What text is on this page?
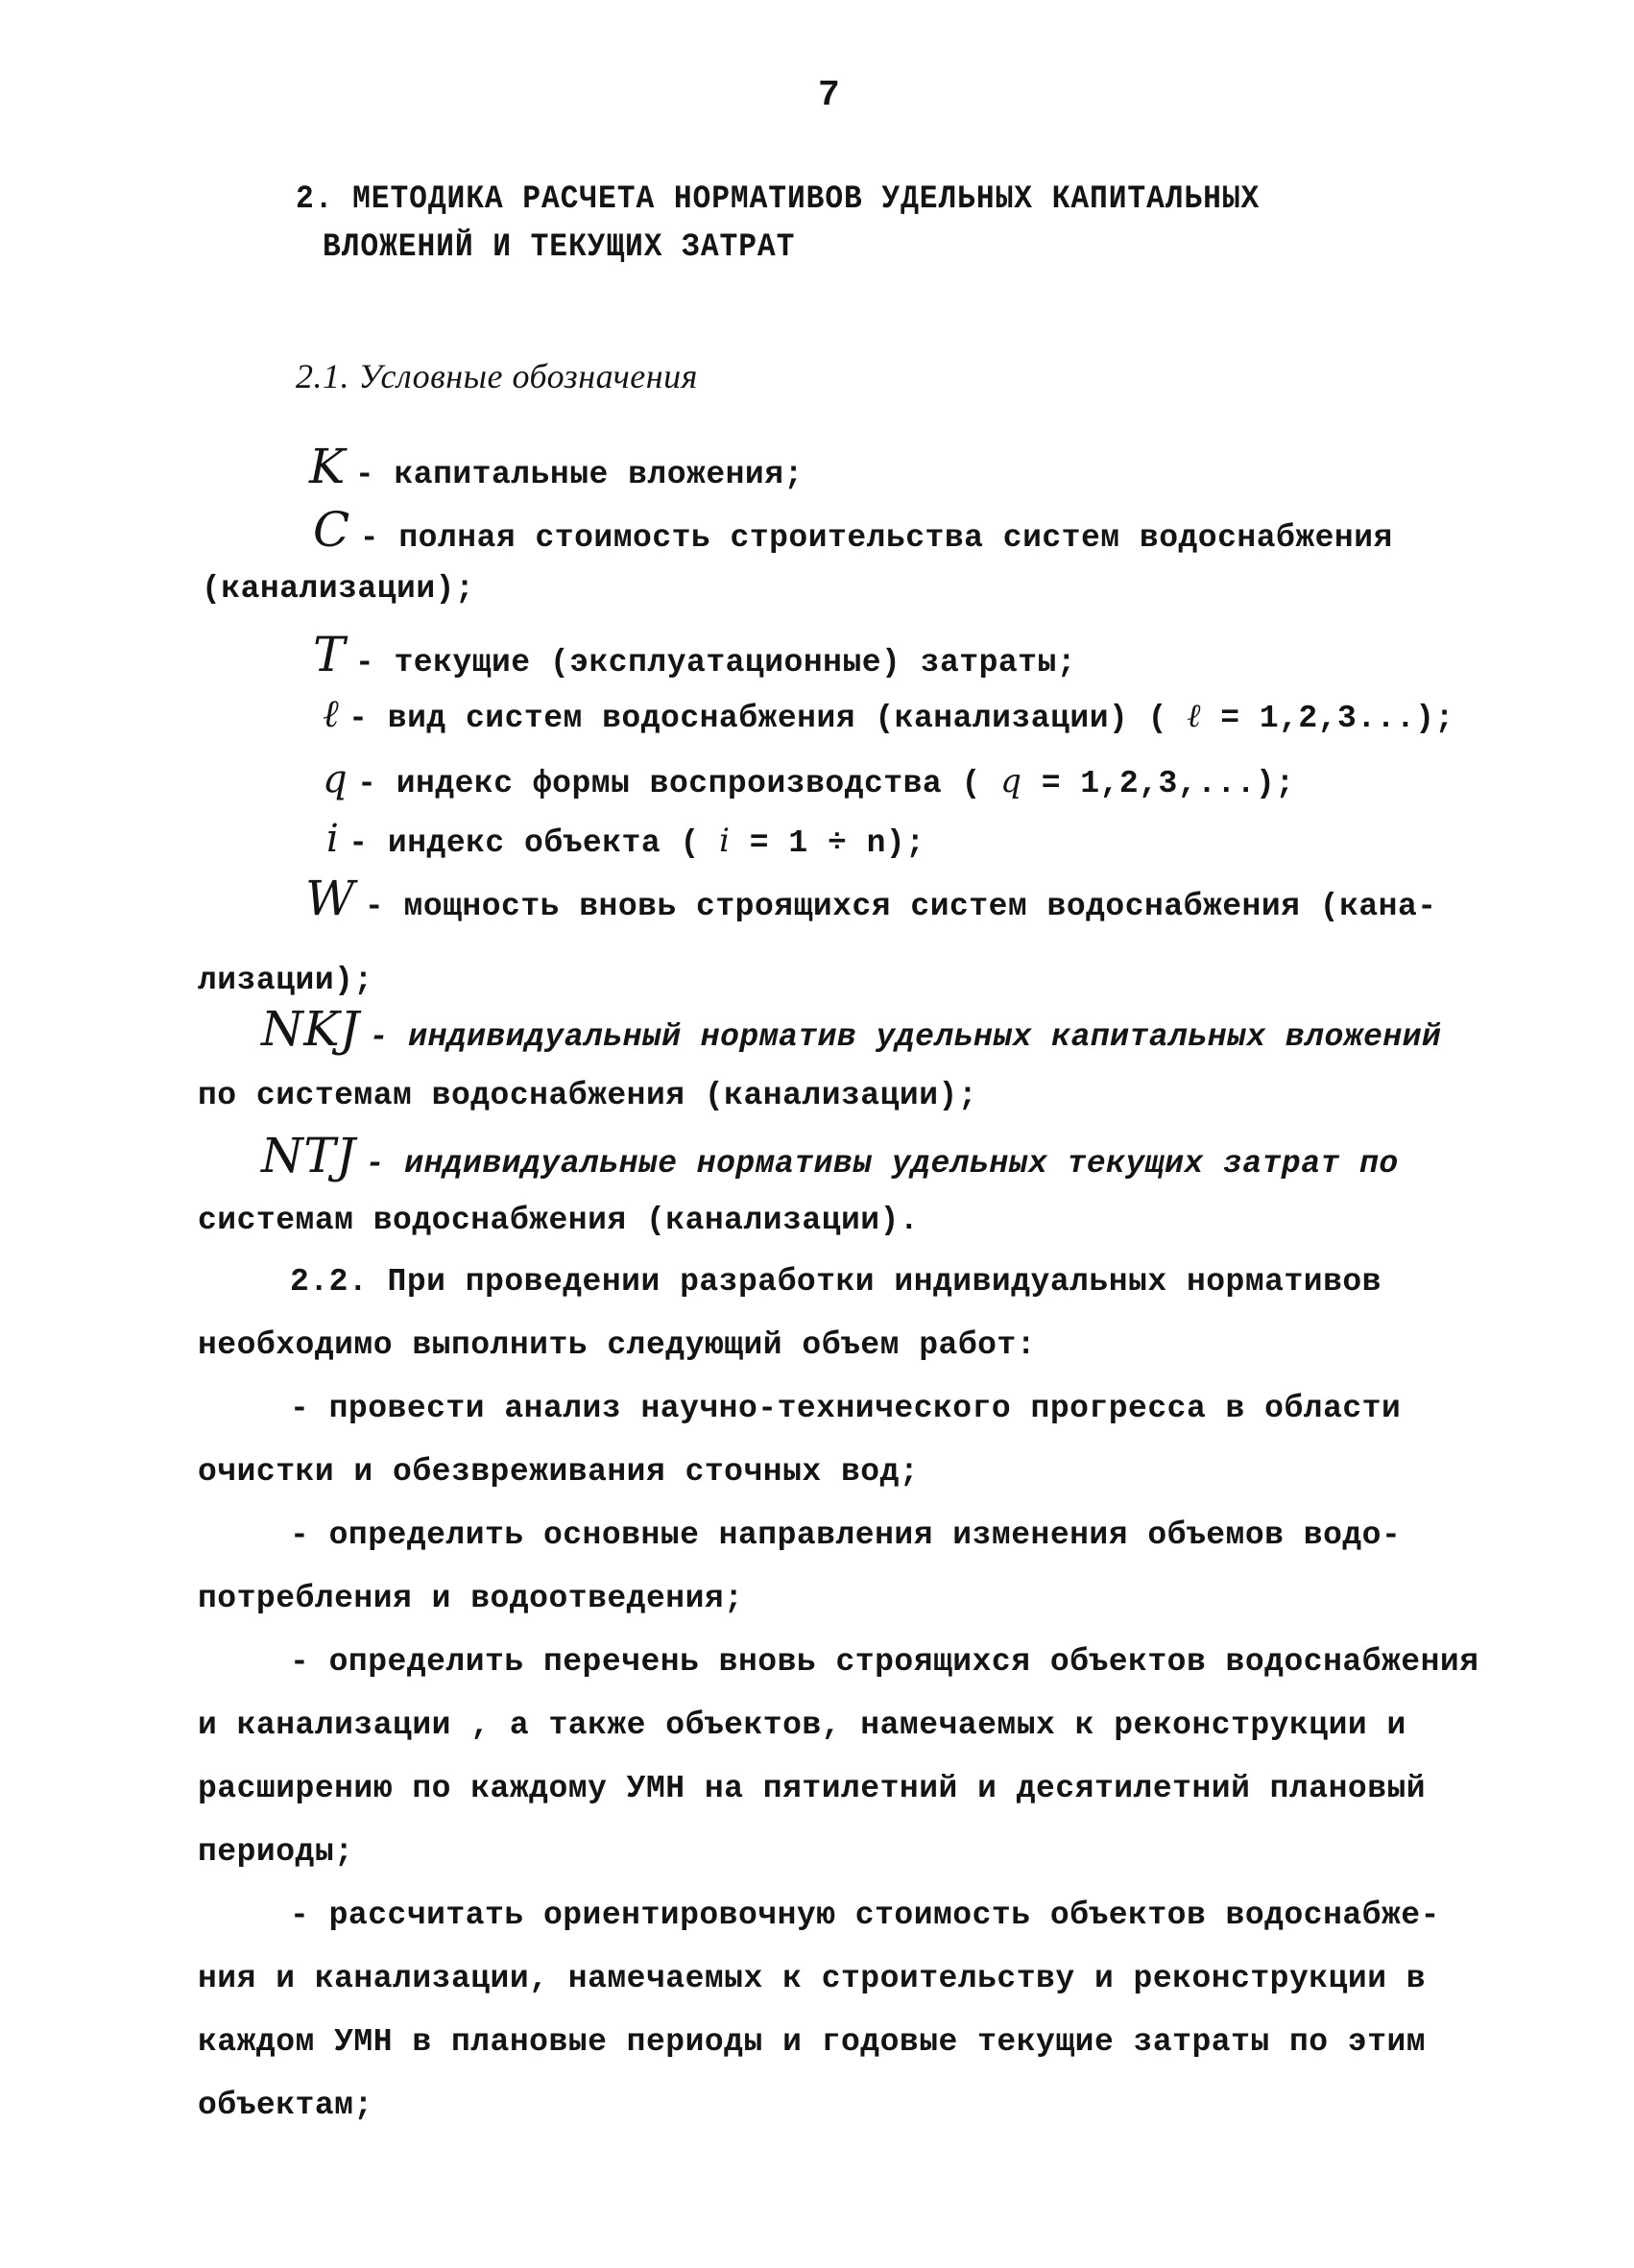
7
2. МЕТОДИКА РАСЧЕТА НОРМАТИВОВ УДЕЛЬНЫХ КАПИТАЛЬНЫХ
ВЛОЖЕНИЙ И ТЕКУЩИХ ЗАТРАТ
2.1. Условные обозначения
K - капитальные вложения;
C - полная стоимость строительства систем водоснабжения
(канализации);
T - текущие (эксплуатационные) затраты;
ℓ - вид систем водоснабжения (канализации) ( ℓ = 1,2,3...);
q - индекс формы воспроизводства ( q = 1,2,3,...);
i - индекс объекта ( i = 1 ÷ n);
W - мощность вновь строящихся систем водоснабжения (кана-
лизации);
NKJ - индивидуальный норматив удельных капитальных вложений
по системам водоснабжения (канализации);
NTJ - индивидуальные нормативы удельных текущих затрат по
системам водоснабжения (канализации).
2.2. При проведении разработки индивидуальных нормативов
необходимо выполнить следующий объем работ:
- провести анализ научно-технического прогресса в области
очистки и обезвреживания сточных вод;
- определить основные направления изменения объемов водо-
потребления и водоотведения;
- определить перечень вновь строящихся объектов водоснабжения
и канализации , а также объектов, намечаемых к реконструкции и
расширению по каждому УМН на пятилетний и десятилетний плановый
периоды;
- рассчитать ориентировочную стоимость объектов водоснабже-
ния и канализации, намечаемых к строительству и реконструкции в
каждом УМН в плановые периоды и годовые текущие затраты по этим
объектам;
